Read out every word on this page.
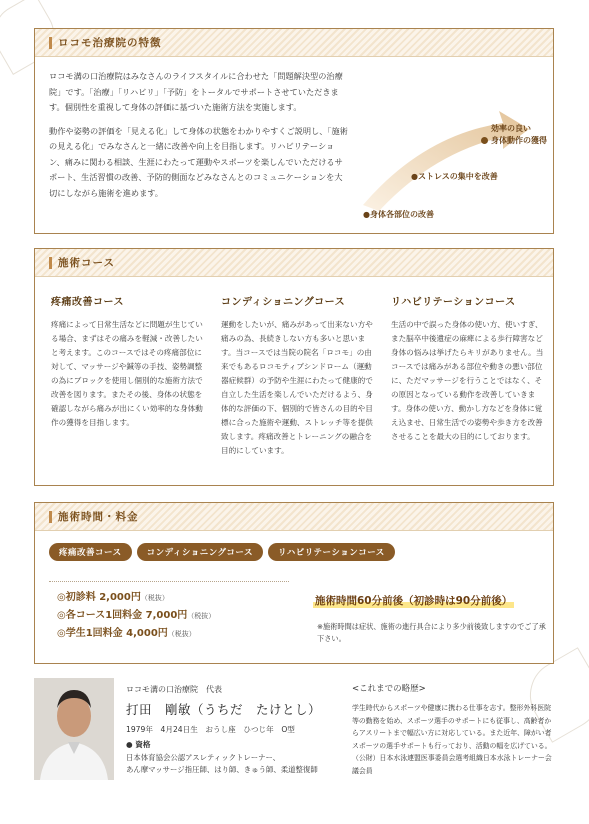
ロコモ治療院の特徴

ロコモ溝の口治療院はみなさんのライフスタイルに合わせた「問題解決型の治療院」です。「治療」「リハビリ」「予防」をトータルでサポートさせていただきます。個別性を重視して身体の評価に基づいた施術方法を実施します。

動作や姿勢の評価を「見える化」して身体の状態をわかりやすくご説明し、「施術の見える化」でみなさんと一緒に改善や向上を目指します。リハビリテーション、痛みに関わる相談、生涯にわたって運動やスポーツを楽しんでいただけるサポート、生活習慣の改善、予防的側面などみなさんとのコミュニケーションを大切にしながら施術を進めます。

●身体各部位の改善
●ストレスの集中を改善
効率の良い
身体動作の獲得
施術コース
疼痛改善コース
疼痛によって日常生活などに問題が生じている場合、まずはその痛みを軽減・改善したいと考えます。このコースではその疼痛部位に対して、マッサージや鍼等の手技、姿勢調整の為にブロックを使用し個別的な施術方法で改善を図ります。またその後、身体の状態を確認しながら痛みが出にくい効率的な身体動作の獲得を目指します。
コンディショニングコース
運動をしたいが、痛みがあって出来ない方や痛みの為、長続きしない方も多いと思います。当コースでは当院の院名「ロコモ」の由来でもあるロコモティブシンドローム（運動器症候群）の予防や生涯にわたって健康的で自立した生活を楽しんでいただけるよう、身体的な評価の下、個別的で皆さんの目的や目標に合った施術や運動、ストレッチ等を提供致します。疼痛改善とトレーニングの融合を目的にしています。
リハビリテーションコース
生活の中で誤った身体の使い方、使いすぎ、また脳卒中後遺症の麻痺による歩行障害など身体の悩みは挙げたらキリがありません。当コースでは痛みがある部位や動きの悪い部位に、ただマッサージを行うことではなく、その原因となっている動作を改善していきます。身体の使い方、動かし方などを身体に覚え込ませ、日常生活での姿勢や歩き方を改善させることを最大の目的にしております。
施術時間・料金
疼痛改善コース	コンディショニングコース	リハビリテーションコース
◎初診料 2,000円（税抜）
◎各コース1回料金 7,000円（税抜）
◎学生1回料金 4,000円（税抜）
施術時間60分前後（初診時は90分前後）
※施術時間は症状、施術の進行具合により多少前後致しますのでご了承下さい。
ロコモ溝の口治療院　代表
打田　剛敏（うちだ　たけとし）
1979年　4月24日生　おうし座　ひつじ年　O型
● 資格
日本体育協会公認アスレティックトレーナー、
あん摩マッサージ指圧師、はり師、きゅう師、柔道整復師
<これまでの略歴>
学生時代からスポーツや健康に携わる仕事を志す。整形外科医院等の勤務を始め、スポーツ選手のサポートにも従事し、高齢者からアスリートまで幅広い方に対応している。また近年、障がい者スポーツの選手サポートも行っており、活動の幅を広げている。（公財）日本水泳連盟医事委員会選考組織日本水泳トレーナー会議会員
